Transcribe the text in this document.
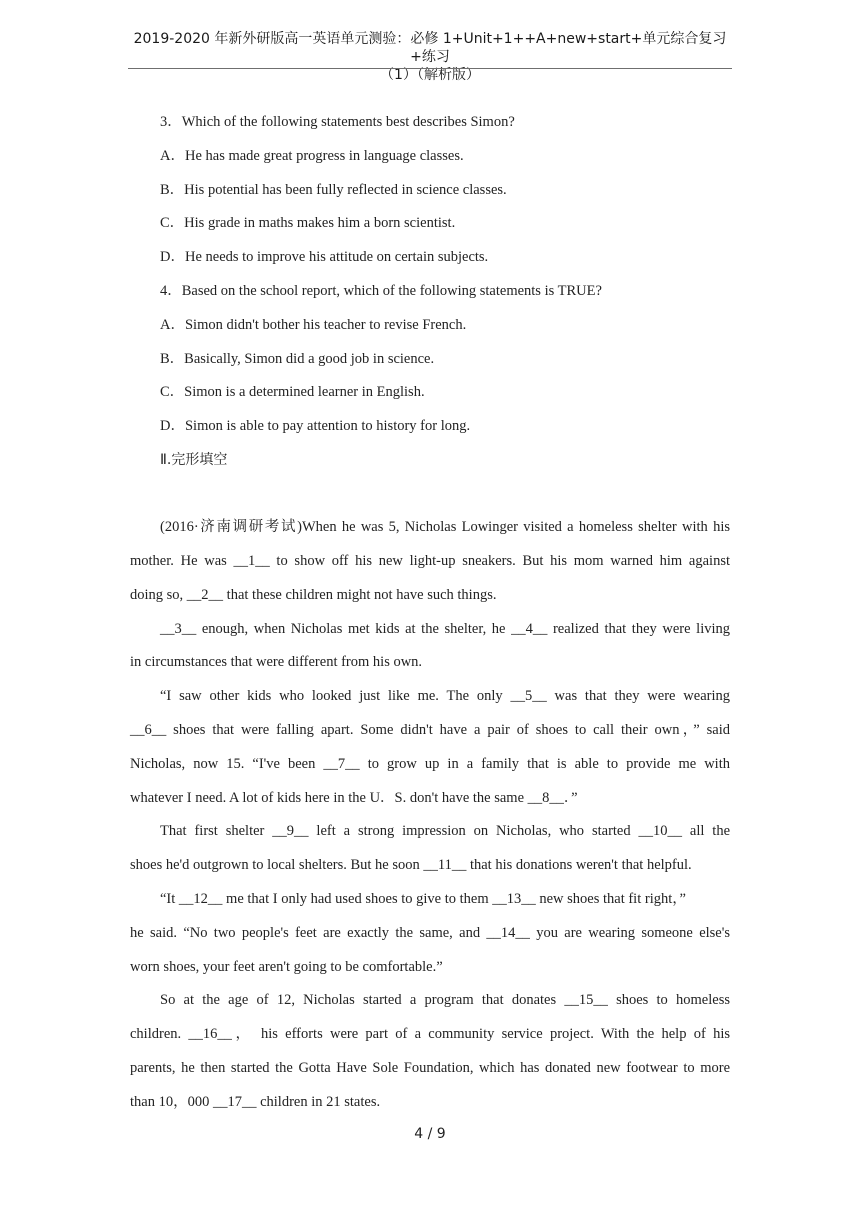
2019-2020 年新外研版高一英语单元测验：必修 1+Unit+1++A+new+start+单元综合复习+练习
（1）（解析版）
3．Which of the following statements best describes Simon?
A．He has made great progress in language classes.
B．His potential has been fully reflected in science classes.
C．His grade in maths makes him a born scientist.
D．He needs to improve his attitude on certain subjects.
4．Based on the school report, which of the following statements is TRUE?
A．Simon didn't bother his teacher to revise French.
B．Basically, Simon did a good job in science.
C．Simon is a determined learner in English.
D．Simon is able to pay attention to history for long.
Ⅱ.完形填空
(2016·济南调研考试)When he was 5, Nicholas Lowinger visited a homeless shelter with his
mother. He was __1__ to show off his new light-up sneakers. But his mom warned him against
doing so, __2__ that these children might not have such things.
__3__ enough, when Nicholas met kids at the shelter, he __4__ realized that they were living
in circumstances that were different from his own.
“I saw other kids who looked just like me. The only __5__ was that they were wearing
__6__ shoes that were falling apart. Some didn't have a pair of shoes to call their own，” said
Nicholas, now 15. “I've been __7__ to grow up in a family that is able to provide me with
whatever I need. A lot of kids here in the U．S. don't have the same __8__．”
That first shelter __9__ left a strong impression on Nicholas, who started __10__ all the
shoes he'd outgrown to local shelters. But he soon __11__ that his donations weren't that helpful.
“It __12__ me that I only had used shoes to give to them __13__ new shoes that fit right，”
he said. “No two people's feet are exactly the same, and __14__ you are wearing someone else's
worn shoes, your feet aren't going to be comfortable.”
So at the age of 12, Nicholas started a program that donates __15__ shoes to homeless
children. __16__， his efforts were part of a community service project. With the help of his
parents, he then started the Gotta Have Sole Foundation, which has donated new footwear to more
than 10，000 __17__ children in 21 states.
4 / 9
